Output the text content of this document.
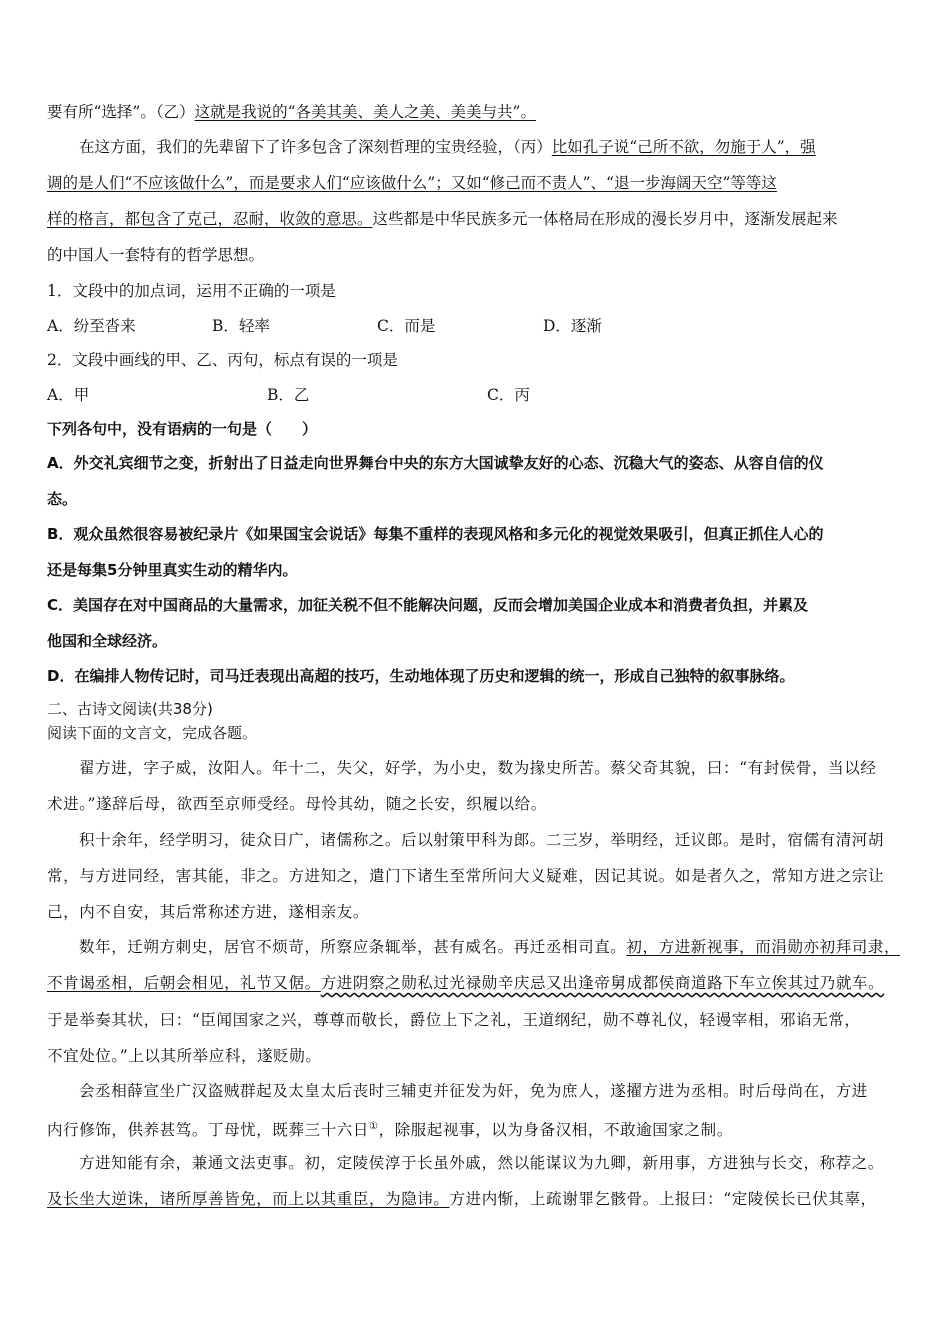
要有所“选择”。（乙）这就是我说的“各美其美、美人之美、美美与共”。
在这方面，我们的先辈留下了许多包含了深刻哲理的宝贵经验，（丙）比如孔子说“己所不欲，勿施于人”，强
调的是人们“不应该做什么”，而是要求人们“应该做什么”；又如“修己而不责人”、“退一步海阔天空”等等这
样的格言，都包含了克己，忍耐，收敛的意思。这些都是中华民族多元一体格局在形成的漫长岁月中，逐渐发展起来
的中国人一套特有的哲学思想。
1．文段中的加点词，运用不正确的一项是
A．纷至沓来	B．轻率	C．而是	D．逐渐
2．文段中画线的甲、乙、丙句，标点有误的一项是
A．甲	B．乙	C．丙
下列各句中，没有语病的一句是（　　）
A．外交礼宾细节之变，折射出了日益走向世界舞台中央的东方大国诚挚友好的心态、沉稳大气的姿态、从容自信的仪
态。
B．观众虽然很容易被纪录片《如果国宝会说话》每集不重样的表现风格和多元化的视觉效果吸引，但真正抓住人心的
还是每集5分钟里真实生动的精华内。
C．美国存在对中国商品的大量需求，加征关税不但不能解决问题，反而会增加美国企业成本和消费者负担，并累及
他国和全球经济。
D．在编排人物传记时，司马迁表现出高超的技巧，生动地体现了历史和逻辑的统一，形成自己独特的叙事脉络。
二、古诗文阅读(共38分)
阅读下面的文言文，完成各题。
翟方进，字子威，汝阳人。年十二，失父，好学，为小史，数为掾史所苦。蔡父奇其貌，曰：“有封侯骨，当以经
术进。”遂辞后母，欲西至京师受经。母怜其幼，随之长安，织履以给。
积十余年，经学明习，徒众日广，诸儒称之。后以射策甲科为郎。二三岁，举明经，迁议郎。是时，宿儒有清河胡
常，与方进同经，害其能，非之。方进知之，遣门下诸生至常所问大义疑难，因记其说。如是者久之，常知方进之宗让
己，内不自安，其后常称述方进，遂相亲友。
数年，迁朔方刺史，居官不烦苛，所察应条辄举，甚有威名。再迁丞相司直。初，方进新视事，而涓勋亦初拜司隶，
不肯谒丞相，后朝会相见，礼节又倨。方进阴察之勋私过光禄勋辛庆忌又出逢帝舅成都侯商道路下车立俟其过乃就车。
于是举奏其状，曰：“臣闻国家之兴，尊尊而敬长，爵位上下之礼，王道纲纪，勋不尊礼仪，轻谩宰相，邪谄无常，
不宜处位。”上以其所举应科，遂贬勋。
会丞相薛宣坐广汉盗贼群起及太皇太后丧时三辅吏并征发为奸，免为庶人，遂擢方进为丞相。时后母尚在，方进
内行修饰，供养甚笃。丁母忧，既葬三十六日①，除服起视事，以为身备汉相，不敢逾国家之制。
方进知能有余，兼通文法吏事。初，定陵侯淳于长虽外戚，然以能谋议为九卿，新用事，方进独与长交，称荐之。
及长坐大逆诛，诸所厚善皆免，而上以其重臣，为隐讳。方进内惭，上疏谢罪乞骸骨。上报曰：“定陵侯长已伏其辜，
